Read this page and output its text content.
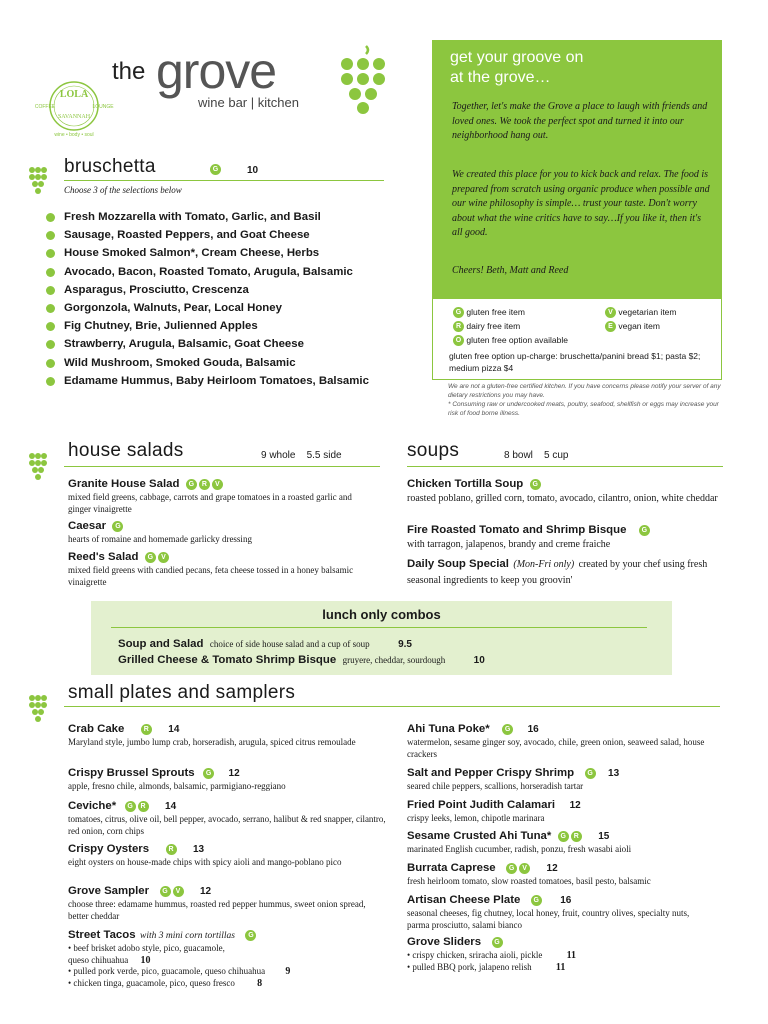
LOLA
COFFEE	LOUNGE
SAVANNAH
wine • body • soul
the grove
wine bar | kitchen
get your groove on
at the grove…
Together, let's make the Grove a place to laugh with friends and loved ones. We took the perfect spot and turned it into our neighborhood hang out.
We created this place for you to kick back and relax. The food is prepared from scratch using organic produce when possible and our wine philosophy is simple… trust your taste. Don't worry about what the wine critics have to say…If you like it, then it's all good.
Cheers! Beth, Matt and Reed
G gluten free item
R dairy free item
O gluten free option available
V vegetarian item
E vegan item
gluten free option up-charge: bruschetta/panini bread $1; pasta $2; medium pizza $4
We are not a gluten-free certified kitchen. If you have concerns please notify your server of any dietary restrictions you may have.
* Consuming raw or undercooked meats, poultry, seafood, shellfish or eggs may increase your risk of food borne illness.
bruschetta	G	10
Choose 3 of the selections below
Fresh Mozzarella with Tomato, Garlic, and Basil
Sausage, Roasted Peppers, and Goat Cheese
House Smoked Salmon*, Cream Cheese, Herbs
Avocado, Bacon, Roasted Tomato, Arugula, Balsamic
Asparagus, Prosciutto, Crescenza
Gorgonzola, Walnuts, Pear, Local Honey
Fig Chutney, Brie, Julienned Apples
Strawberry, Arugula, Balsamic, Goat Cheese
Wild Mushroom, Smoked Gouda, Balsamic
Edamame Hummus, Baby Heirloom Tomatoes, Balsamic
house salads	9 whole    5.5 side
Granite House Salad G R V
mixed field greens, cabbage, carrots and grape tomatoes in a roasted garlic and ginger vinaigrette
Caesar G
hearts of romaine and homemade garlicky dressing
Reed's Salad G V
mixed field greens with candied pecans, feta cheese tossed in a honey balsamic vinaigrette
soups	8 bowl    5 cup
Chicken Tortilla Soup G
roasted poblano, grilled corn, tomato, avocado, cilantro, onion, white cheddar
Fire Roasted Tomato and Shrimp Bisque G
with tarragon, jalapenos, brandy and creme fraiche
Daily Soup Special (Mon-Fri only) created by your chef using fresh seasonal ingredients to keep you groovin'
lunch only combos
Soup and Salad choice of side house salad and a cup of soup	9.5
Grilled Cheese & Tomato Shrimp Bisque gruyere, cheddar, sourdough	10
small plates and samplers
Crab Cake	R 14
Maryland style, jumbo lump crab, horseradish, arugula, spiced citrus remoulade
Crispy Brussel Sprouts G 12
apple, fresno chile, almonds, balsamic, parmigiano-reggiano
Ceviche* G R 14
tomatoes, citrus, olive oil, bell pepper, avocado, serrano, halibut & red snapper, cilantro, red onion, corn chips
Crispy Oysters	R 13
eight oysters on house-made chips with spicy aioli and mango-poblano pico
Grove Sampler G V 12
choose three: edamame hummus, roasted red pepper hummus, sweet onion spread, better cheddar
Street Tacos with 3 mini corn tortillas G
• beef brisket adobo style, pico, guacamole, queso chihuahua 10
• pulled pork verde, pico, guacamole, queso chihuahua 9
• chicken tinga, guacamole, pico, queso fresco 8
Ahi Tuna Poke* G 16
watermelon, sesame ginger soy, avocado, chile, green onion, seaweed salad, house crackers
Salt and Pepper Crispy Shrimp G 13
seared chile peppers, scallions, horseradish tartar
Fried Point Judith Calamari 12
crispy leeks, lemon, chipotle marinara
Sesame Crusted Ahi Tuna* G R 15
marinated English cucumber, radish, ponzu, fresh wasabi aioli
Burrata Caprese G V 12
fresh heirloom tomato, slow roasted tomatoes, basil pesto, balsamic
Artisan Cheese Plate G 16
seasonal cheeses, fig chutney, local honey, fruit, country olives, specialty nuts, parma prosciutto, salami bianco
Grove Sliders G
• crispy chicken, sriracha aioli, pickle 11
• pulled BBQ pork, jalapeno relish 11
